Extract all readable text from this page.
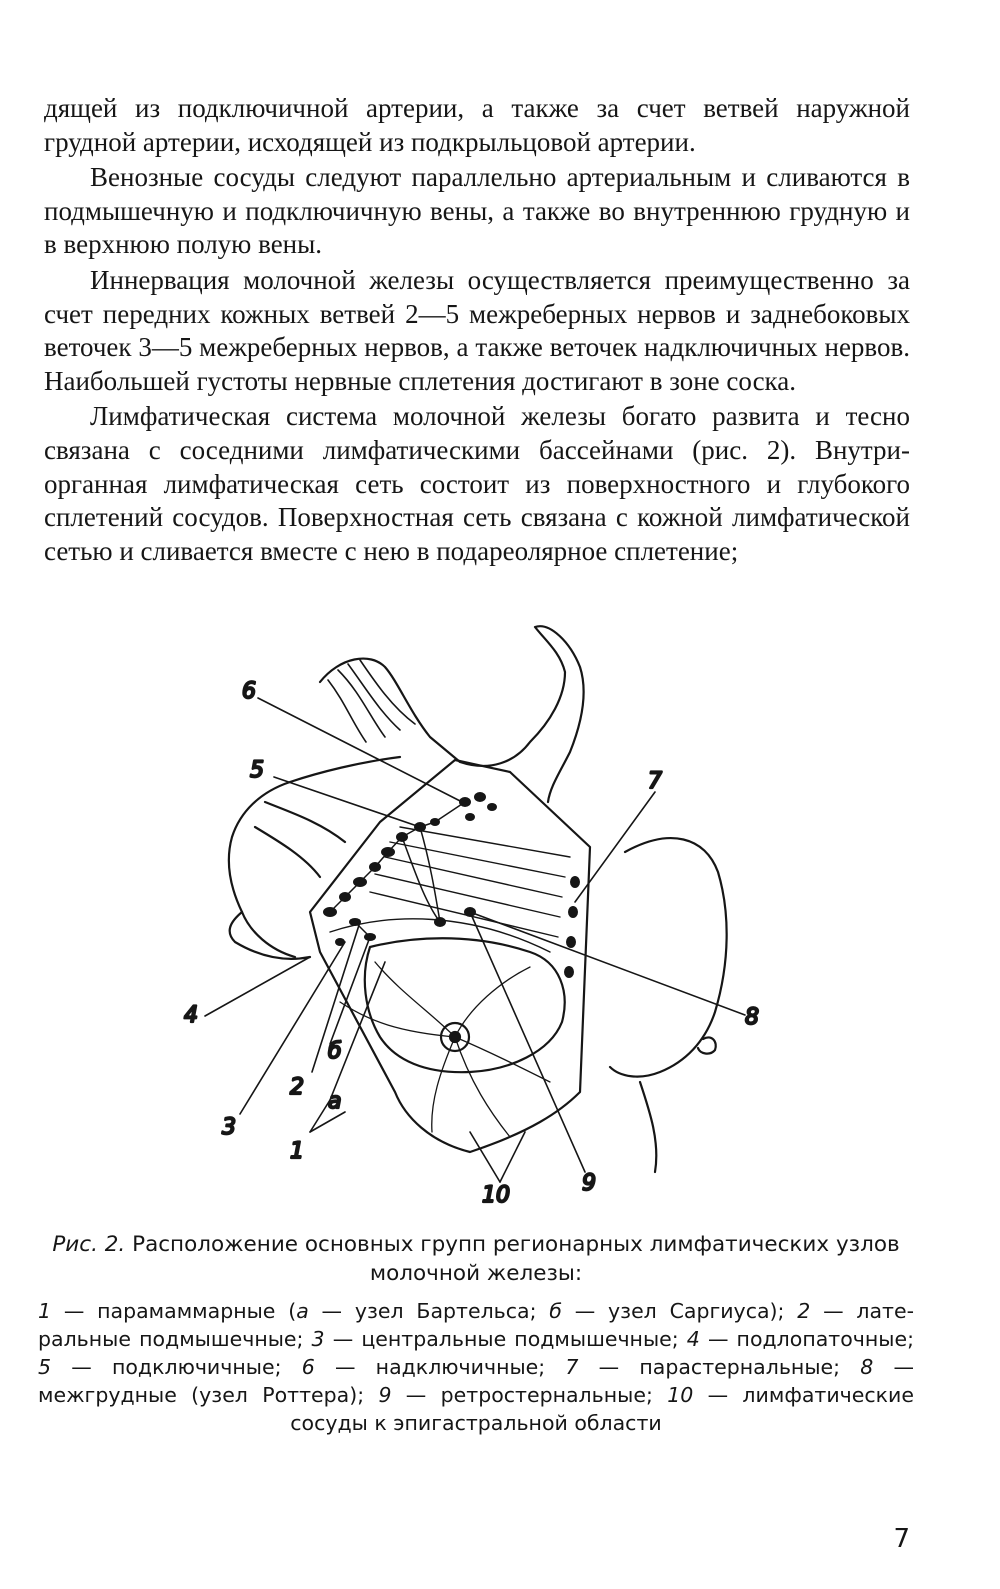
дящей из подключичной артерии, а также за счет ветвей наружной грудной артерии, исходящей из подкрыльцовой артерии.

Венозные сосуды следуют параллельно артериальным и сливаются в подмышечную и подключичную вены, а также во внутреннюю грудную и в верхнюю полую вены.

Иннервация молочной железы осуществляется преимущественно за счет передних кожных ветвей 2—5 межреберных нервов и заднебоковых веточек 3—5 межреберных нервов, а также веточек надключичных нервов. Наибольшей густоты нервные сплетения достигают в зоне соска.

Лимфатическая система молочной железы богато развита и тесно связана с соседними лимфатическими бассейнами (рис. 2). Внутриорганная лимфатическая сеть состоит из поверхностного и глубокого сплетений сосудов. Поверхностная сеть связана с кожной лимфатической сетью и сливается вместе с нею в подареолярное сплетение;

6
5	7
8
4
б
2
а
3
1
9
10

Рис. 2. Расположение основных групп регионарных лимфатических узлов молочной железы:

1 — парамаммарные (а — узел Бартельса; б — узел Саргиуса); 2 — латеральные подмышечные; 3 — центральные подмышечные; 4 — подлопаточные; 5 — подключичные; 6 — надключичные; 7 — парастернальные; 8 — межгрудные (узел Роттера); 9 — ретростернальные; 10 — лимфатические сосуды к эпигастральной области
7
